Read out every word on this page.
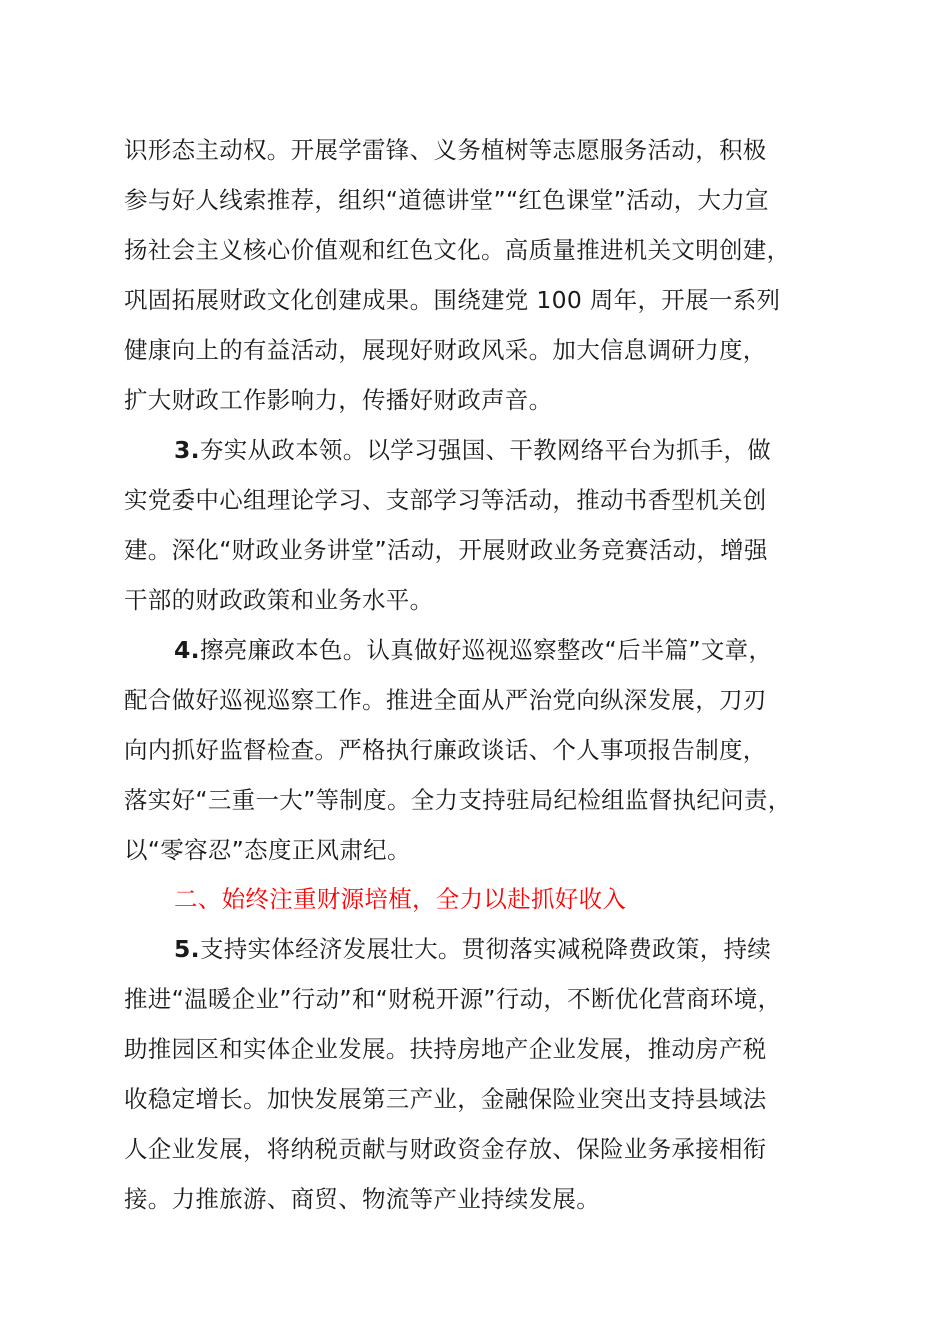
识形态主动权。开展学雷锋、义务植树等志愿服务活动，积极
参与好人线索推荐，组织“道德讲堂”“红色课堂”活动，大力宣
扬社会主义核心价值观和红色文化。高质量推进机关文明创建，
巩固拓展财政文化创建成果。围绕建党 100 周年，开展一系列
健康向上的有益活动，展现好财政风采。加大信息调研力度，
扩大财政工作影响力，传播好财政声音。
3.夯实从政本领。以学习强国、干教网络平台为抓手，做
实党委中心组理论学习、支部学习等活动，推动书香型机关创
建。深化“财政业务讲堂”活动，开展财政业务竞赛活动，增强
干部的财政政策和业务水平。
4.擦亮廉政本色。认真做好巡视巡察整改“后半篇”文章，
配合做好巡视巡察工作。推进全面从严治党向纵深发展，刀刃
向内抓好监督检查。严格执行廉政谈话、个人事项报告制度，
落实好“三重一大”等制度。全力支持驻局纪检组监督执纪问责，
以“零容忍”态度正风肃纪。
二、始终注重财源培植，全力以赴抓好收入
5.支持实体经济发展壮大。贯彻落实减税降费政策，持续
推进“温暖企业”行动”和“财税开源”行动，不断优化营商环境，
助推园区和实体企业发展。扶持房地产企业发展，推动房产税
收稳定增长。加快发展第三产业，金融保险业突出支持县域法
人企业发展，将纳税贡献与财政资金存放、保险业务承接相衔
接。力推旅游、商贸、物流等产业持续发展。
